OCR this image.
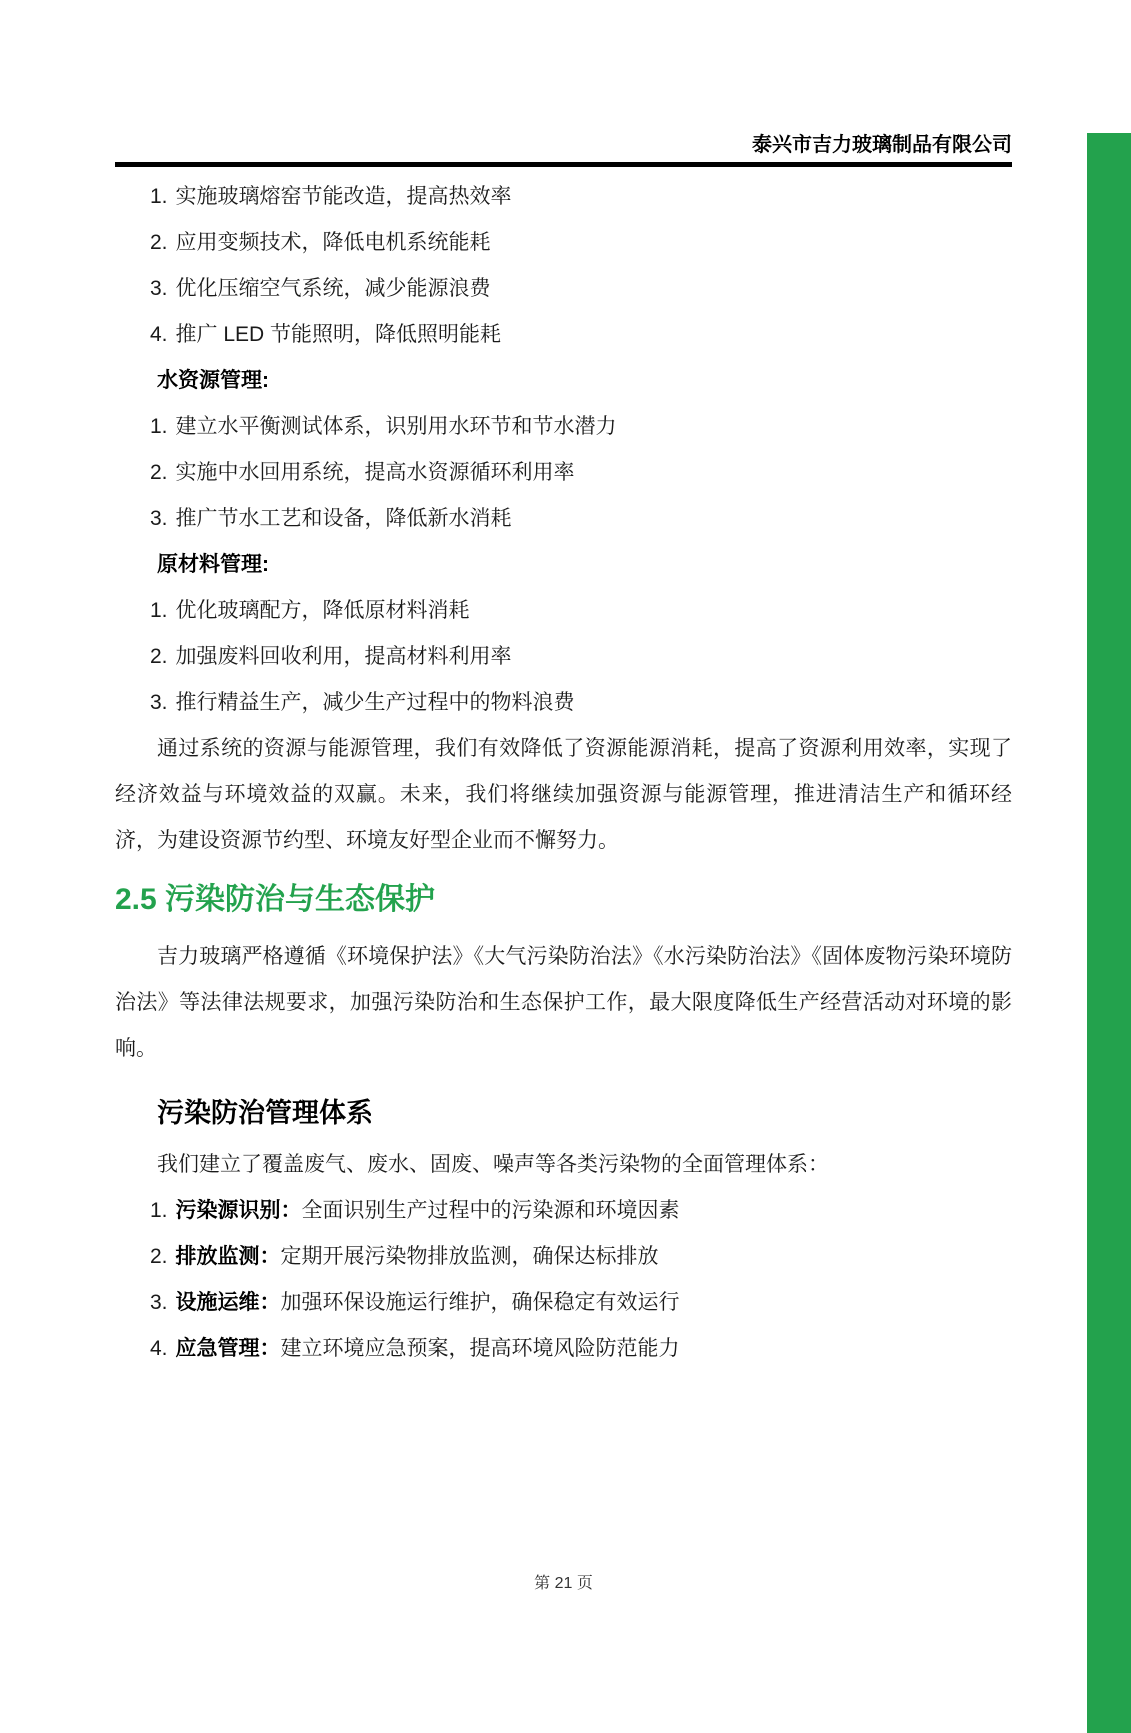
泰兴市吉力玻璃制品有限公司
1. 实施玻璃熔窑节能改造，提高热效率
2. 应用变频技术，降低电机系统能耗
3. 优化压缩空气系统，减少能源浪费
4. 推广 LED 节能照明，降低照明能耗
水资源管理:
1. 建立水平衡测试体系，识别用水环节和节水潜力
2. 实施中水回用系统，提高水资源循环利用率
3. 推广节水工艺和设备，降低新水消耗
原材料管理:
1. 优化玻璃配方，降低原材料消耗
2. 加强废料回收利用，提高材料利用率
3. 推行精益生产，减少生产过程中的物料浪费

通过系统的资源与能源管理，我们有效降低了资源能源消耗，提高了资源利用效率，实现了经济效益与环境效益的双赢。未来，我们将继续加强资源与能源管理，推进清洁生产和循环经济，为建设资源节约型、环境友好型企业而不懈努力。

2.5 污染防治与生态保护

吉力玻璃严格遵循《环境保护法》《大气污染防治法》《水污染防治法》《固体废物污染环境防治法》等法律法规要求，加强污染防治和生态保护工作，最大限度降低生产经营活动对环境的影响。

污染防治管理体系

我们建立了覆盖废气、废水、固废、噪声等各类污染物的全面管理体系：

1. 污染源识别：全面识别生产过程中的污染源和环境因素
2. 排放监测：定期开展污染物排放监测，确保达标排放
3. 设施运维：加强环保设施运行维护，确保稳定有效运行
4. 应急管理：建立环境应急预案，提高环境风险防范能力
第 21 页
